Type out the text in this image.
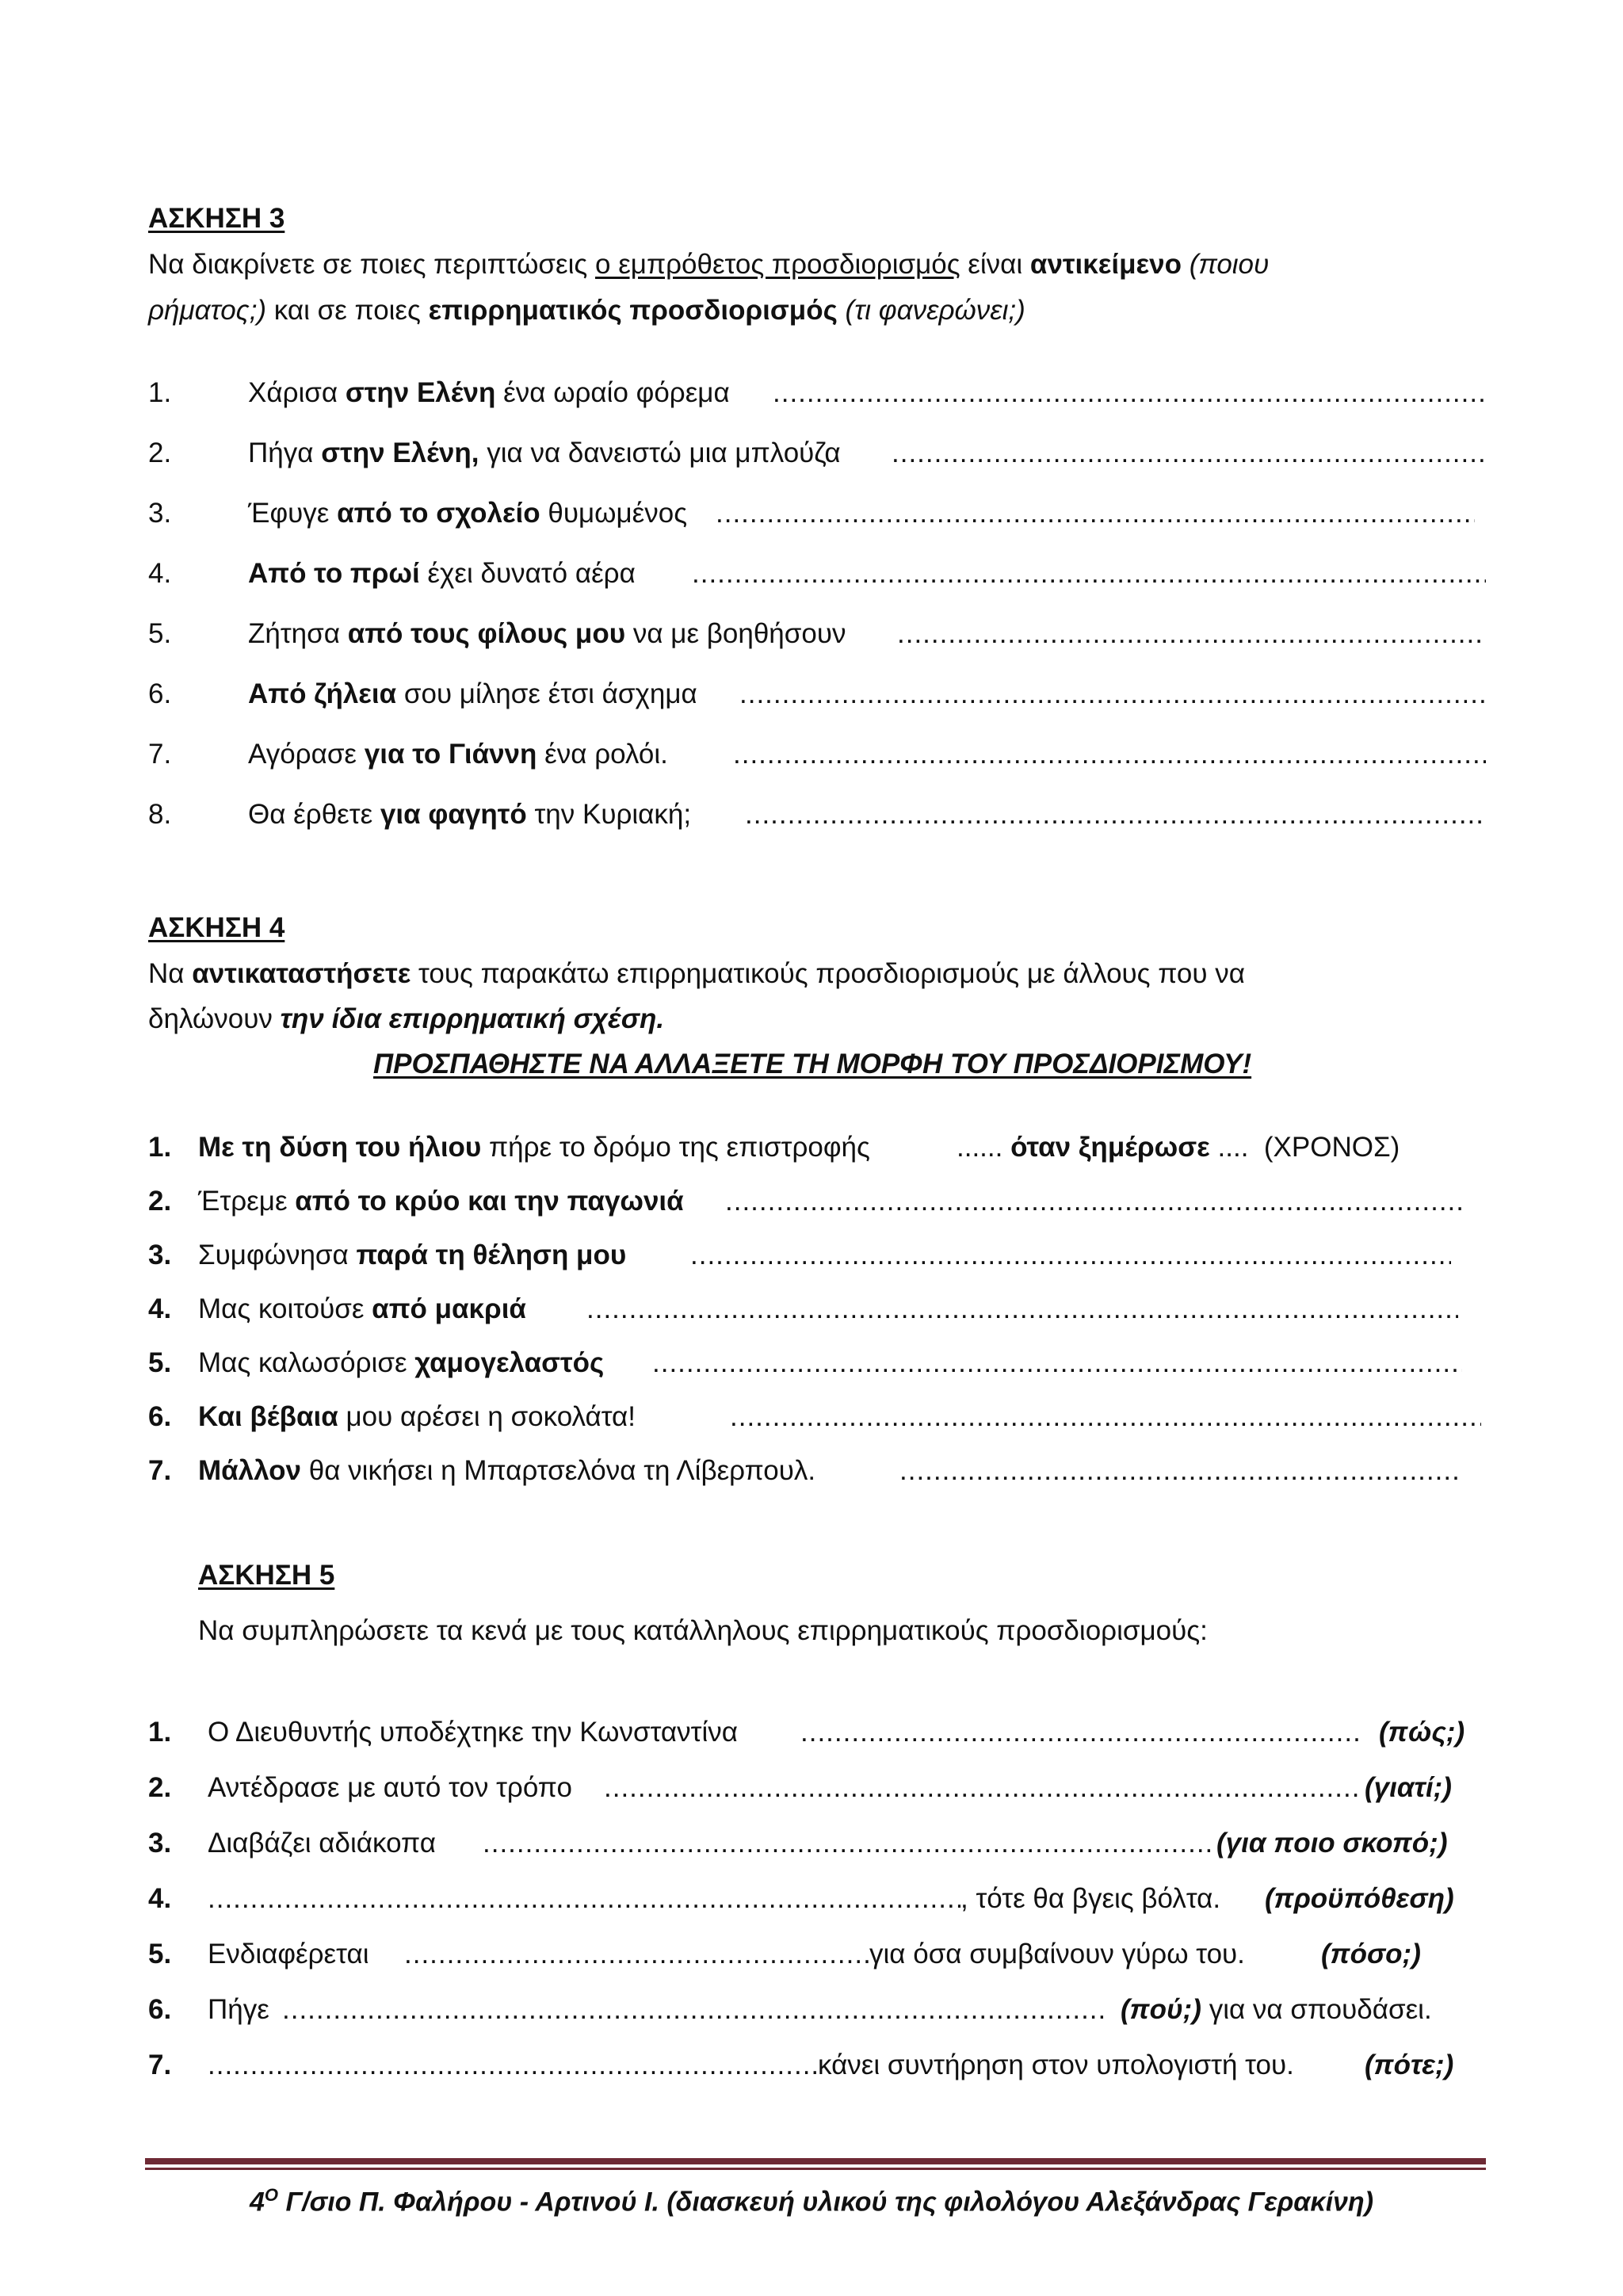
ΑΣΚΗΣΗ 3
Να διακρίνετε σε ποιες περιπτώσεις ο εμπρόθετος προσδιορισμός είναι αντικείμενο (ποιου
ρήματος;) και σε ποιες επιρρηματικός προσδιορισμός (τι φανερώνει;)
1.	Χάρισα στην Ελένη ένα ωραίο φόρεμα
.....
2.	Πήγα στην Ελένη, για να δανειστώ μια μπλούζα
.....
3.	Έφυγε από το σχολείο θυμωμένος
.....
4.	Από το πρωί έχει δυνατό αέρα
.....
5.	Ζήτησα από τους φίλους μου να με βοηθήσουν
.....
6.	Από ζήλεια σου μίλησε έτσι άσχημα
.....
7.	Αγόρασε για το Γιάννη ένα ρολόι.
.....
8.	Θα έρθετε για φαγητό την Κυριακή;
.....
ΑΣΚΗΣΗ 4
Να αντικαταστήσετε τους παρακάτω επιρρηματικούς προσδιορισμούς με άλλους που να
δηλώνουν την ίδια επιρρηματική σχέση.
ΠΡΟΣΠΑΘΗΣΤΕ ΝΑ ΑΛΛΑΞΕΤΕ ΤΗ ΜΟΡΦΗ ΤΟΥ ΠΡΟΣΔΙΟΡΙΣΜΟΥ!
1. Με τη δύση του ήλιου πήρε το δρόμο της επιστροφής	...... όταν ξημέρωσε .... (ΧΡΟΝΟΣ)
2. Έτρεμε από το κρύο και την παγωνιά
.....
3. Συμφώνησα παρά τη θέληση μου
.....
4. Μας κοιτούσε από μακριά
.....
5. Μας καλωσόρισε χαμογελαστός
.....
6. Και βέβαια μου αρέσει η σοκολάτα!
.....
7. Μάλλον θα νικήσει η Μπαρτσελόνα τη Λίβερπουλ.
.....
ΑΣΚΗΣΗ 5
Να συμπληρώσετε τα κενά με τους κατάλληλους επιρρηματικούς προσδιορισμούς:
1. Ο Διευθυντής υποδέχτηκε την Κωνσταντίνα .....	(πώς;)
2. Αντέδρασε με αυτό τον τρόπο .....	(γιατί;)
3. Διαβάζει αδιάκοπα .....	(για ποιο σκοπό;)
4. .....	, τότε θα βγεις βόλτα. (προϋπόθεση)
5. Ενδιαφέρεται .....	για όσα συμβαίνουν γύρω του.	(πόσο;)
6. Πήγε .....	(πού;) για να σπουδάσει.
7. .....	κάνει συντήρηση στον υπολογιστή του.	(πότε;)
$4^O$ Γ/σιο Π. Φαλήρου - Αρτινού Ι. (διασκευή υλικού της φιλολόγου Αλεξάνδρας Γερακίνη)
